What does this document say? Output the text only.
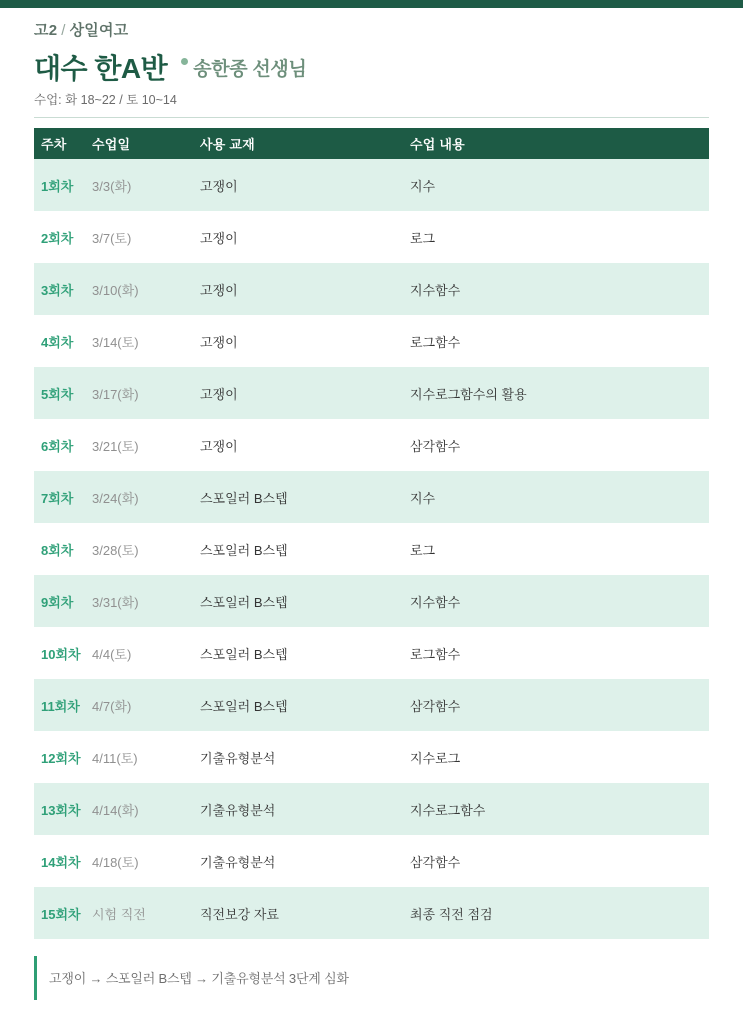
고2 / 상일여고
대수 한A반 송한종 선생님
수업: 화 18~22 / 토 10~14
주차	수업일	사용 교재	수업 내용
1회차	3/3(화)	고쟁이	지수
2회차	3/7(토)	고쟁이	로그
3회차	3/10(화)	고쟁이	지수함수
4회차	3/14(토)	고쟁이	로그함수
5회차	3/17(화)	고쟁이	지수로그함수의 활용
6회차	3/21(토)	고쟁이	삼각함수
7회차	3/24(화)	스포일러 B스텝	지수
8회차	3/28(토)	스포일러 B스텝	로그
9회차	3/31(화)	스포일러 B스텝	지수함수
10회차	4/4(토)	스포일러 B스텝	로그함수
11회차	4/7(화)	스포일러 B스텝	삼각함수
12회차	4/11(토)	기출유형분석	지수로그
13회차	4/14(화)	기출유형분석	지수로그함수
14회차	4/18(토)	기출유형분석	삼각함수
15회차	시험 직전	직전보강 자료	최종 직전 점검
고쟁이 → 스포일러 B스텝 → 기출유형분석 3단계 심화
